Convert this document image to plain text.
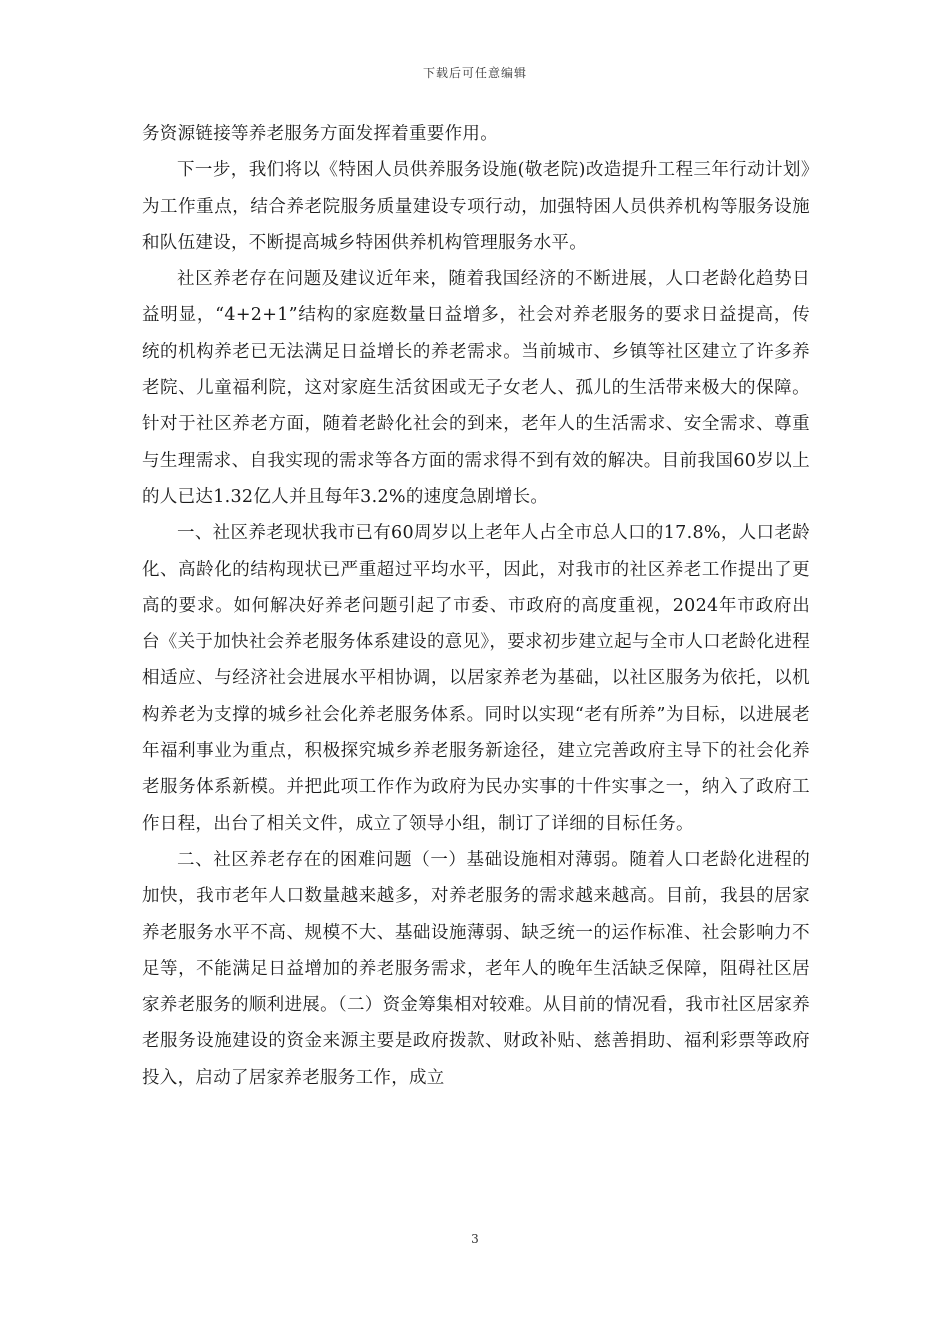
下载后可任意编辑

务资源链接等养老服务方面发挥着重要作用。

下一步，我们将以《特困人员供养服务设施(敬老院)改造提升工程三年行动计划》为工作重点，结合养老院服务质量建设专项行动，加强特困人员供养机构等服务设施和队伍建设，不断提高城乡特困供养机构管理服务水平。

社区养老存在问题及建议近年来，随着我国经济的不断进展，人口老龄化趋势日益明显，“4+2+1”结构的家庭数量日益增多，社会对养老服务的要求日益提高，传统的机构养老已无法满足日益增长的养老需求。当前城市、乡镇等社区建立了许多养老院、儿童福利院，这对家庭生活贫困或无子女老人、孤儿的生活带来极大的保障。针对于社区养老方面，随着老龄化社会的到来，老年人的生活需求、安全需求、尊重与生理需求、自我实现的需求等各方面的需求得不到有效的解决。目前我国60岁以上的人已达1.32亿人并且每年3.2%的速度急剧增长。

一、社区养老现状我市已有60周岁以上老年人占全市总人口的17.8%，人口老龄化、高龄化的结构现状已严重超过平均水平，因此，对我市的社区养老工作提出了更高的要求。如何解决好养老问题引起了市委、市政府的高度重视，2024年市政府出台《关于加快社会养老服务体系建设的意见》，要求初步建立起与全市人口老龄化进程相适应、与经济社会进展水平相协调，以居家养老为基础，以社区服务为依托，以机构养老为支撑的城乡社会化养老服务体系。同时以实现“老有所养”为目标，以进展老年福利事业为重点，积极探究城乡养老服务新途径，建立完善政府主导下的社会化养老服务体系新模。并把此项工作作为政府为民办实事的十件实事之一，纳入了政府工作日程，出台了相关文件，成立了领导小组，制订了详细的目标任务。

二、社区养老存在的困难问题（一）基础设施相对薄弱。随着人口老龄化进程的加快，我市老年人口数量越来越多，对养老服务的需求越来越高。目前，我县的居家养老服务水平不高、规模不大、基础设施薄弱、缺乏统一的运作标准、社会影响力不足等，不能满足日益增加的养老服务需求，老年人的晚年生活缺乏保障，阻碍社区居家养老服务的顺利进展。（二）资金筹集相对较难。从目前的情况看，我市社区居家养老服务设施建设的资金来源主要是政府拨款、财政补贴、慈善捐助、福利彩票等政府投入，启动了居家养老服务工作，成立

3
